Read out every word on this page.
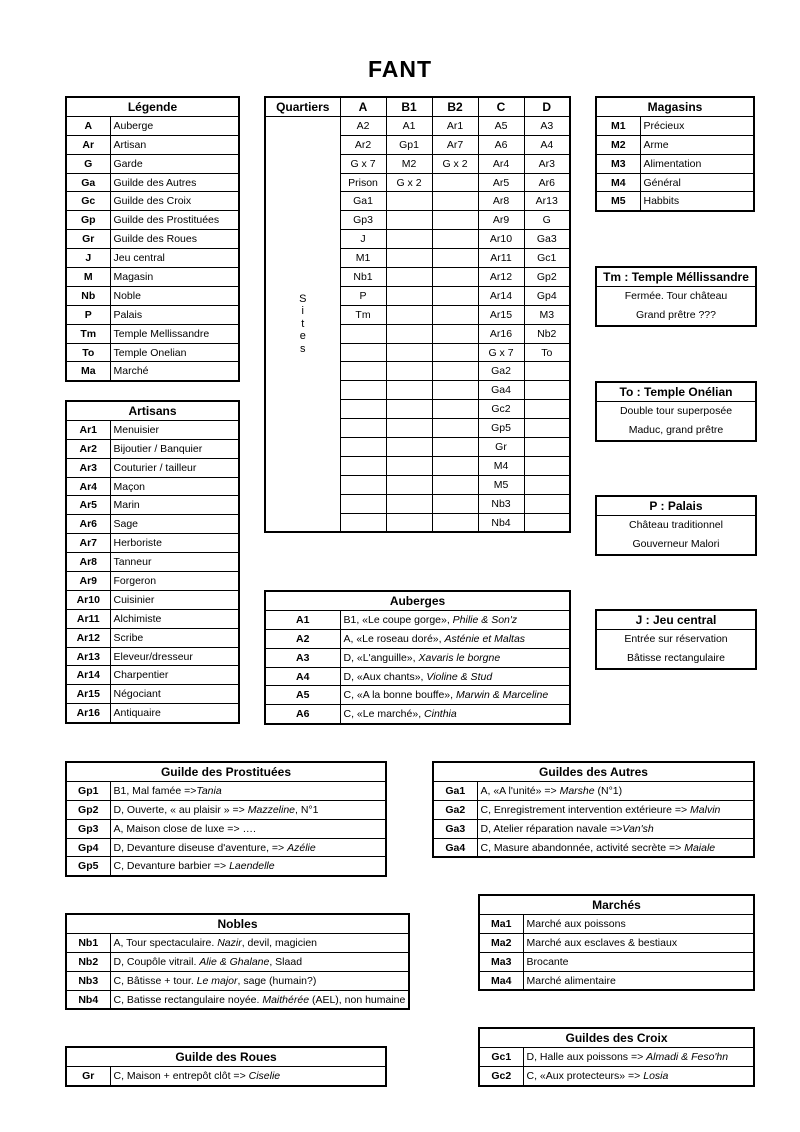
FANT
Légende	
A	Auberge
Ar	Artisan
G	Garde
Ga	Guilde des Autres
Gc	Guilde des Croix
Gp	Guilde des Prostituées
Gr	Guilde des Roues
J	Jeu central
M	Magasin
Nb	Noble
P	Palais
Tm	Temple Mellissandre
To	Temple Onelian
Ma	Marché
Artisans	
Ar1	Menuisier
Ar2	Bijoutier / Banquier
Ar3	Couturier / tailleur
Ar4	Maçon
Ar5	Marin
Ar6	Sage
Ar7	Herboriste
Ar8	Tanneur
Ar9	Forgeron
Ar10	Cuisinier
Ar11	Alchimiste
Ar12	Scribe
Ar13	Eleveur/dresseur
Ar14	Charpentier
Ar15	Négociant
Ar16	Antiquaire
Quartiers	A	B1	B2	C	D

S
i
t
e
s	A2	A1	Ar1	A5	A3
	Ar2	Gp1	Ar7	A6	A4
	G x 7	M2	G x 2	Ar4	Ar3
	Prison	G x 2		Ar5	Ar6
	Ga1			Ar8	Ar13
	Gp3			Ar9	G
	J			Ar10	Ga3
	M1			Ar11	Gc1
	Nb1			Ar12	Gp2
	P			Ar14	Gp4
	Tm			Ar15	M3
				Ar16	Nb2
				G x 7	To
				Ga2	
				Ga4	
				Gc2	
				Gp5	
				Gr	
				M4	
				M5	
				Nb3	
				Nb4	
Magasins	
M1	Précieux
M2	Arme
M3	Alimentation
M4	Général
M5	Habbits
Tm : Temple Méllissandre
Fermée. Tour château
Grand prêtre ???
To : Temple Onélian
Double tour superposée
Maduc, grand prêtre
P : Palais
Château traditionnel
Gouverneur Malori
J : Jeu central
Entrée sur réservation
Bâtisse rectangulaire
Auberges	
A1	B1, «Le coupe gorge», Philie & Son'z
A2	A, «Le roseau doré», Asténie et Maltas
A3	D, «L'anguille», Xavaris le borgne
A4	D, «Aux chants», Violine & Stud
A5	C, «A la bonne bouffe», Marwin & Marceline
A6	C, «Le marché», Cinthia
Guilde des Prostituées	
Gp1	B1, Mal famée =>Tania
Gp2	D, Ouverte, « au plaisir » => Mazzeline, N°1
Gp3	A, Maison close de luxe => ….
Gp4	D, Devanture diseuse d'aventure, => Azélie
Gp5	C, Devanture barbier => Laendelle
Guildes des Autres	
Ga1	A, «A l'unité» => Marshe (N°1)
Ga2	C, Enregistrement intervention extérieure => Malvin
Ga3	D, Atelier réparation navale =>Van'sh
Ga4	C, Masure abandonnée, activité secrète => Maiale
Marchés	
Ma1	Marché aux poissons
Ma2	Marché aux esclaves & bestiaux
Ma3	Brocante
Ma4	Marché alimentaire
Nobles	
Nb1	A, Tour spectaculaire. Nazir, devil, magicien
Nb2	D, Coupôle vitrail. Alie & Ghalane, Slaad
Nb3	C, Bâtisse + tour. Le major, sage (humain?)
Nb4	C, Batisse rectangulaire noyée. Maithérée (AEL), non humaine
Guildes des Croix	
Gc1	D, Halle aux poissons => Almadi & Feso'hn
Gc2	C, «Aux protecteurs» => Losia
Guilde des Roues
Gr	C, Maison + entrepôt clôt => Ciselie
